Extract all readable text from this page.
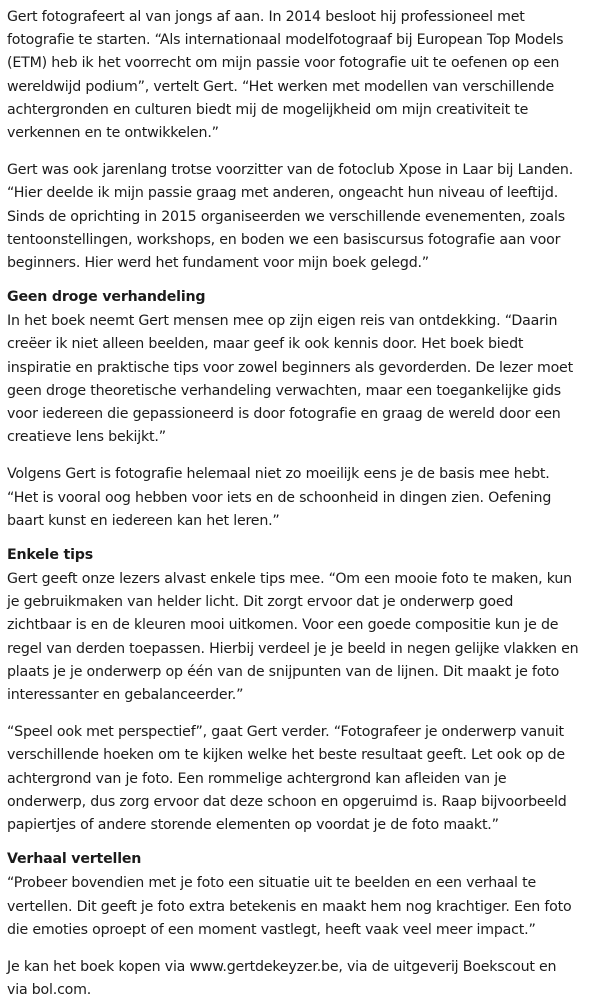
Gert fotografeert al van jongs af aan. In 2014 besloot hij professioneel met fotografie te starten. “Als internationaal modelfotograaf bij European Top Models (ETM) heb ik het voorrecht om mijn passie voor fotografie uit te oefenen op een wereldwijd podium”, vertelt Gert. “Het werken met modellen van verschillende achtergronden en culturen biedt mij de mogelijkheid om mijn creativiteit te verkennen en te ontwikkelen.”

Gert was ook jarenlang trotse voorzitter van de fotoclub Xpose in Laar bij Landen. “Hier deelde ik mijn passie graag met anderen, ongeacht hun niveau of leeftijd. Sinds de oprichting in 2015 organiseerden we verschillende evenementen, zoals tentoonstellingen, workshops, en boden we een basiscursus fotografie aan voor beginners. Hier werd het fundament voor mijn boek gelegd.”

Geen droge verhandeling

In het boek neemt Gert mensen mee op zijn eigen reis van ontdekking. “Daarin creëer ik niet alleen beelden, maar geef ik ook kennis door. Het boek biedt inspiratie en praktische tips voor zowel beginners als gevorderden. De lezer moet geen droge theoretische verhandeling verwachten, maar een toegankelijke gids voor iedereen die gepassioneerd is door fotografie en graag de wereld door een creatieve lens bekijkt.”

Volgens Gert is fotografie helemaal niet zo moeilijk eens je de basis mee hebt. “Het is vooral oog hebben voor iets en de schoonheid in dingen zien. Oefening baart kunst en iedereen kan het leren.”

Enkele tips

Gert geeft onze lezers alvast enkele tips mee. “Om een mooie foto te maken, kun je gebruikmaken van helder licht. Dit zorgt ervoor dat je onderwerp goed zichtbaar is en de kleuren mooi uitkomen. Voor een goede compositie kun je de regel van derden toepassen. Hierbij verdeel je je beeld in negen gelijke vlakken en plaats je je onderwerp op één van de snijpunten van de lijnen. Dit maakt je foto interessanter en gebalanceerder.”

“Speel ook met perspectief”, gaat Gert verder. “Fotografeer je onderwerp vanuit verschillende hoeken om te kijken welke het beste resultaat geeft. Let ook op de achtergrond van je foto. Een rommelige achtergrond kan afleiden van je onderwerp, dus zorg ervoor dat deze schoon en opgeruimd is. Raap bijvoorbeeld papiertjes of andere storende elementen op voordat je de foto maakt.”

Verhaal vertellen

“Probeer bovendien met je foto een situatie uit te beelden en een verhaal te vertellen. Dit geeft je foto extra betekenis en maakt hem nog krachtiger. Een foto die emoties oproept of een moment vastlegt, heeft vaak veel meer impact.”

Je kan het boek kopen via www.gertdekeyzer.be, via de uitgeverij Boekscout en via bol.com.
